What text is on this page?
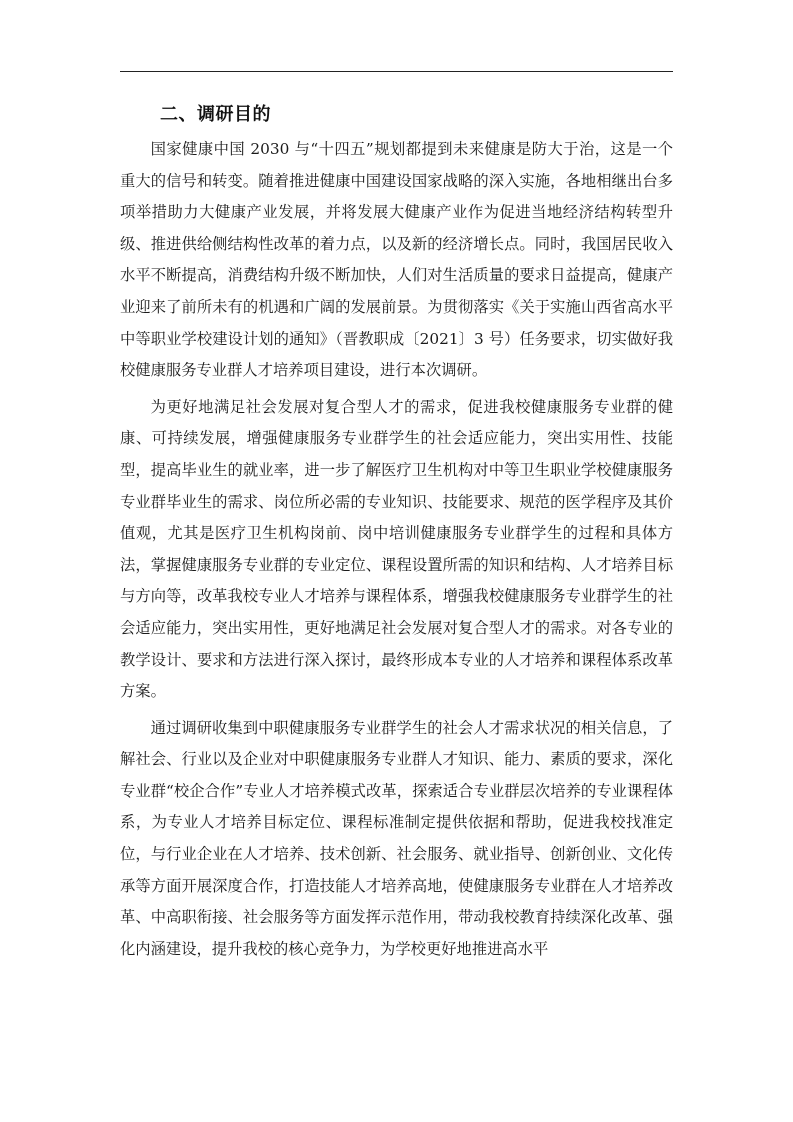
二、调研目的

国家健康中国 2030 与“十四五”规划都提到未来健康是防大于治，这是一个重大的信号和转变。随着推进健康中国建设国家战略的深入实施，各地相继出台多项举措助力大健康产业发展，并将发展大健康产业作为促进当地经济结构转型升级、推进供给侧结构性改革的着力点，以及新的经济增长点。同时，我国居民收入水平不断提高，消费结构升级不断加快，人们对生活质量的要求日益提高，健康产业迎来了前所未有的机遇和广阔的发展前景。为贯彻落实《关于实施山西省高水平中等职业学校建设计划的通知》（晋教职成〔2021〕3 号）任务要求，切实做好我校健康服务专业群人才培养项目建设，进行本次调研。

为更好地满足社会发展对复合型人才的需求，促进我校健康服务专业群的健康、可持续发展，增强健康服务专业群学生的社会适应能力，突出实用性、技能型，提高毕业生的就业率，进一步了解医疗卫生机构对中等卫生职业学校健康服务专业群毕业生的需求、岗位所必需的专业知识、技能要求、规范的医学程序及其价值观，尤其是医疗卫生机构岗前、岗中培训健康服务专业群学生的过程和具体方法，掌握健康服务专业群的专业定位、课程设置所需的知识和结构、人才培养目标与方向等，改革我校专业人才培养与课程体系，增强我校健康服务专业群学生的社会适应能力，突出实用性，更好地满足社会发展对复合型人才的需求。对各专业的教学设计、要求和方法进行深入探讨，最终形成本专业的人才培养和课程体系改革方案。

通过调研收集到中职健康服务专业群学生的社会人才需求状况的相关信息，了解社会、行业以及企业对中职健康服务专业群人才知识、能力、素质的要求，深化专业群“校企合作”专业人才培养模式改革，探索适合专业群层次培养的专业课程体系，为专业人才培养目标定位、课程标准制定提供依据和帮助，促进我校找准定位，与行业企业在人才培养、技术创新、社会服务、就业指导、创新创业、文化传承等方面开展深度合作，打造技能人才培养高地，使健康服务专业群在人才培养改革、中高职衔接、社会服务等方面发挥示范作用，带动我校教育持续深化改革、强化内涵建设，提升我校的核心竞争力，为学校更好地推进高水平
